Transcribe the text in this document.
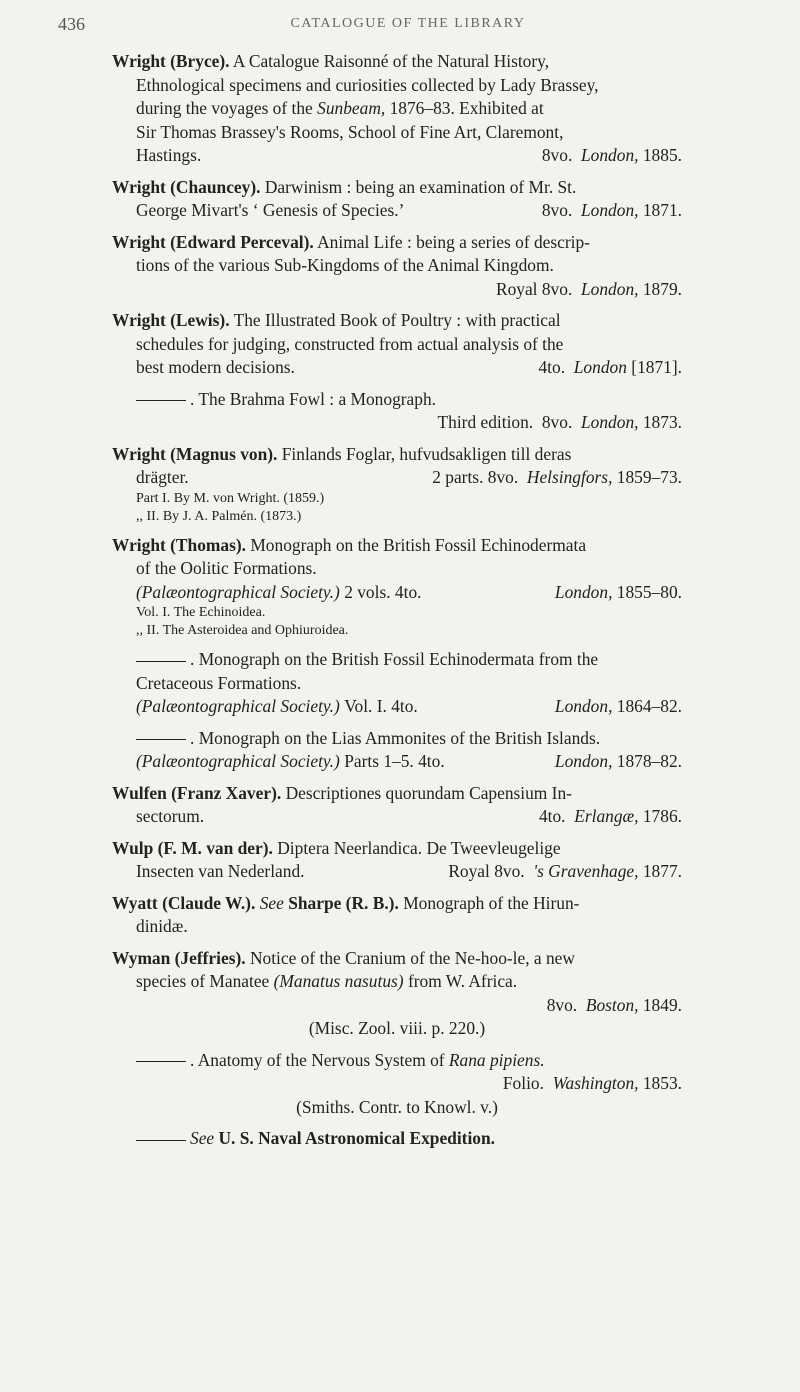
436	CATALOGUE OF THE LIBRARY
Wright (Bryce). A Catalogue Raisonné of the Natural History,
Ethnological specimens and curiosities collected by Lady Brassey,
during the voyages of the Sunbeam, 1876–83. Exhibited at
Sir Thomas Brassey's Rooms, School of Fine Art, Claremont,
Hastings.	8vo. London, 1885.
Wright (Chauncey). Darwinism : being an examination of Mr. St.
George Mivart's ‘ Genesis of Species.’	8vo. London, 1871.
Wright (Edward Perceval). Animal Life : being a series of descrip-
tions of the various Sub-Kingdoms of the Animal Kingdom.
Royal 8vo. London, 1879.
Wright (Lewis). The Illustrated Book of Poultry : with practical
schedules for judging, constructed from actual analysis of the
best modern decisions.	4to. London [1871].
. The Brahma Fowl : a Monograph.
Third edition. 8vo. London, 1873.
Wright (Magnus von). Finlands Foglar, hufvudsakligen till deras
drägter.	2 parts. 8vo. Helsingfors, 1859–73.
Part I. By M. von Wright. (1859.)
,, II. By J. A. Palmén. (1873.)
Wright (Thomas). Monograph on the British Fossil Echinodermata
of the Oolitic Formations.
(Palæontographical Society.)
2 vols. 4to.	London, 1855–80.
Vol. I. The Echinoidea.
,, II. The Asteroidea and Ophiuroidea.
. Monograph on the British Fossil Echinodermata from the
Cretaceous Formations.
(Palæontographical Society.)
Vol. I. 4to.	London, 1864–82.
. Monograph on the Lias Ammonites of the British Islands.
(Palæontographical Society.)
Parts 1–5. 4to.	London, 1878–82.
Wulfen (Franz Xaver). Descriptiones quorundam Capensium In-
sectorum.	4to. Erlangæ, 1786.
Wulp (F. M. van der). Diptera Neerlandica. De Tweevleugelige
Insecten van Nederland.	Royal 8vo. 's Gravenhage, 1877.
Wyatt (Claude W.). See Sharpe (R. B.). Monograph of the Hirun-
dinidæ.
Wyman (Jeffries). Notice of the Cranium of the Ne-hoo-le, a new
species of Manatee (Manatus nasutus) from W. Africa.
8vo. Boston, 1849.
(Misc. Zool. viii. p. 220.)
. Anatomy of the Nervous System of Rana pipiens.
Folio. Washington, 1853.
(Smiths. Contr. to Knowl. v.)
See U. S. Naval Astronomical Expedition.
